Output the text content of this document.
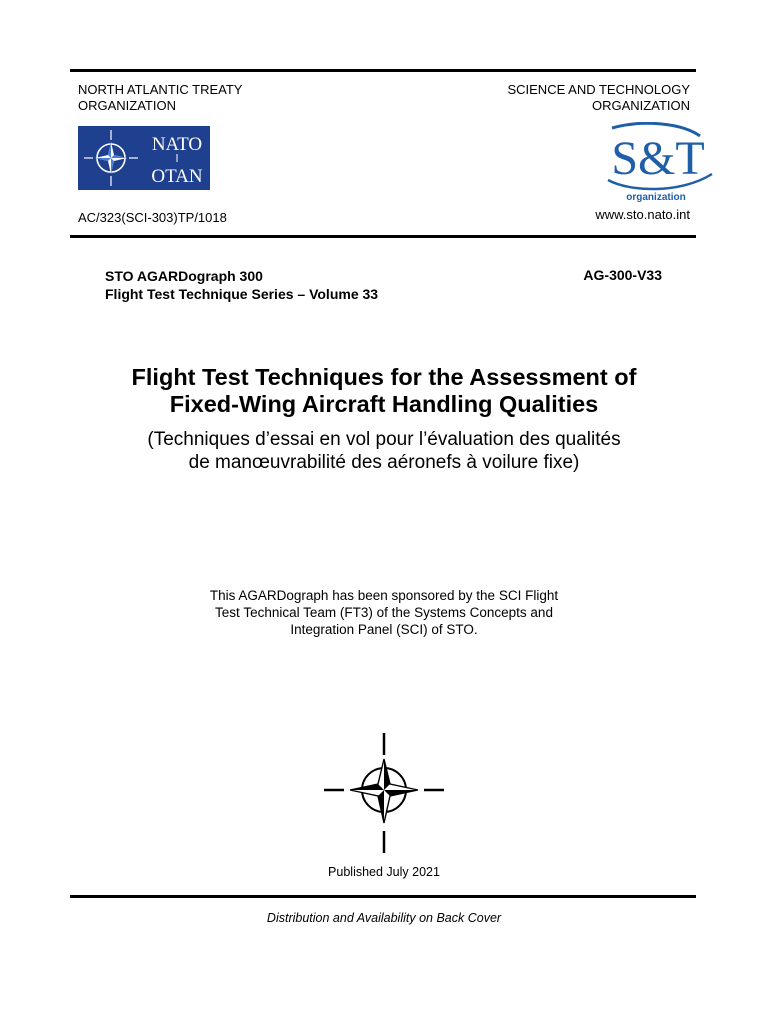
NORTH ATLANTIC TREATY
ORGANIZATION
SCIENCE AND TECHNOLOGY
ORGANIZATION
NATO
OTAN	S&T
organization
AC/323(SCI-303)TP/1018	www.sto.nato.int
STO AGARDograph 300
Flight Test Technique Series – Volume 33
AG-300-V33
Flight Test Techniques for the Assessment of
Fixed-Wing Aircraft Handling Qualities
(Techniques d’essai en vol pour l’évaluation des qualités
de manœuvrabilité des aéronefs à voilure fixe)
This AGARDograph has been sponsored by the SCI Flight
Test Technical Team (FT3) of the Systems Concepts and
Integration Panel (SCI) of STO.
Published July 2021
Distribution and Availability on Back Cover
